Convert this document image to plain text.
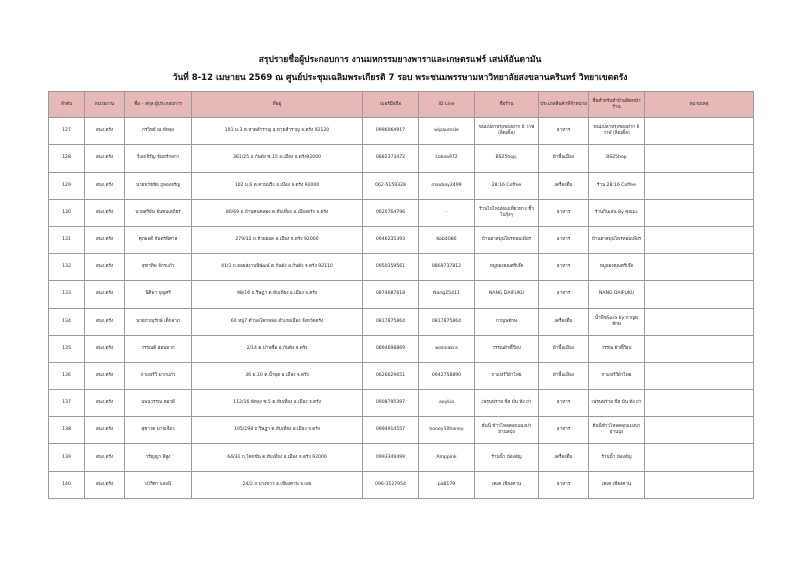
สรุปรายชื่อผู้ประกอบการ งานมหกรรมยางพาราและเกษตรแฟร์ เสน่ห์อันดามัน
วันที่ 8-12 เมษายน 2569 ณ ศูนย์ประชุมเฉลิมพระเกียรติ 7 รอบ พระชนมพรรษามหาวิทยาลัยสงขลานครินทร์ วิทยาเขตตรัง
ลำดับ	หน่วยงาน	ชื่อ – สกุล ผู้ประกอบการ	ที่อยู่	เบอร์มือถือ	ID Line	ชื่อร้าน	ประเภทสินค้าที่จำหน่าย	ชื่อสำหรับทำป้ายติดหน้าร้าน	หมายเหตุ
127	สนง.ตรัง	กรวิทย์ ณ พัทลุง	191 ม.3 ต.หาดสำราญ อ.หาดสำราญ จ.ตรัง 92120	0996064917	wipaumsle	ขนมปลาหรุงของฝาก 6 วาฬ (ลิตเติ้ล)	อาหาร	ขนมปลาหรุงของฝาก 6 วาฬ (ลิตเติ้ล)	
128	สนง.ตรัง	วีเอกจิรัญ จันทร์กอกา	361/25 ถ.กันตัง ซ.15 อ.เมือง จ.ตรัง92000	0882373472	Lokaa972	BS25hop,	ผ้าพื้นเมือง	BS25hop	
129	สนง.ตรัง	นายธวัชชัย ภูลองจรัญ	102 ม.6 ต.ควนปริง อ.เมือง จ.ตรัง 92000	062-5159328	maxboy2499	28:16 Coffee	เครื่องดื่ม	ร้าน 28:16 Coffee	
130	สนง.ตรัง	นายสุริยัน จันทนเสถียร	80/69 ถ.บ้านคนคลอง ต.ทับเที่ยง อ.เมืองตรัง จ.ตรัง	0620764796	-	ร้านไปไหนท่องเที่ยวทาง ชิ้วไปกุ้งๆ	อาหาร	ร้านกินเล่น By คุณมะ	
131	สนง.ตรัง	ศุภผลดี จันทรพิศาล	279/32 ถ.ห้วยยอด อ.เมือง จ.ตรัง 92000	0946235393	Kob4080	บ้านยาสมุนไพรหอมเพียร	อาหาร	บ้านยาสมุนไพรหอมเพียร	
132	สนง.ตรัง	จุฑาทิพ จักรแก้ว	41/1 ถ.ธอยส่งานพิพัฒน์ ต.กันตัง อ.กันตัง จ.ตรัง 92110	0950359561	0869737812	หมูย่องคุณศรีเจ๊จ	อาหาร	หมูย่องคุณศรีเจ๊จ	
133	สนง.ตรัง	นิติพา บุญศรี	98/16 ถ.ริษฎา ต.ทับเที่ยง อ.เมือง จ.ตรัง	0874687618	Nang25411	NANG DAIFUKU	อาหาร	NANG DAIFUKU	
134	สนง.ตรัง	นายภาณุรักษ์ เต็กลาภ	60 หมู่7 ตำบลโคกหล่อ อำเภอเมือง จังหวัดตรัง	0817875864	0817875864	กาญพทักษ	เครื่องดื่ม	น้ำพืชSara by กาญพทักษ	
135	สนง.ตรัง	วรรณดี อ่อนมาก	2/14 ต.บ่านซื่อ อ.กันตัง จ.ตรัง	0894698869	wannakra	วรรณผ้าตี๊ก๊อป	ผ้าพื้นเมือง	วรรณ ผ้าตี๊ก๊อป	
136	สนง.ตรัง	กาแฟร์วิ มากแก้ว	36 ม.10 ต.น้ำผุด อ.เมือง จ.ตรัง	0626629651	0942758890	กาแฟร์วิผ้าไทย	ผ้าพื้นเมือง	กาแฟร์วิผ้าไทย	
137	สนง.ตรัง	นพนวรรณ ต่อวดี	112/16 พัทลุง ซ.5 ต.ทับเที่ยง อ.เมือง จ.ตรัง	0908795397	aoykia	เฟรนฟร่าย ชีส มัน ทัง ถ่า	อาหาร	เฟรนฟร่าย ชีส มัน ทัง ถ่า	
138	สนง.ตรัง	สุชาวด มาจเจียว	105/198 ถ.ริษฎา ต.ทับเที่ยง อ.เมือง จ.ตรัง	0994914557	honey10honey	ฮันนี่ ข้าวไหลคลุกแมงปา ย่านลปุ่ง	อาหาร	ฮันนี่ข้าวไหลคลุกแมงปา ย่านปุ่ง	
139	สนง.ตรัง	วรัญญา สิสูง	64/31 ถ.โคกขัน ต.ทับเที่ยง อ.เมือง จ.ตรัง 92000	0993349499	Amppink	ร้านน้ำ น้องอัญ	เครื่องดื่ม	ร้านน้ำ น้องอัญ	
140	สนง.ตรัง	ปวริศา แสงนี	24/2 ถ.บางข่าว อ.เชียงคาน จ.เลย	096-3527954	pa8179	เคเค เชียงคาน	อาหาร	เคเค เชียงคาน	
